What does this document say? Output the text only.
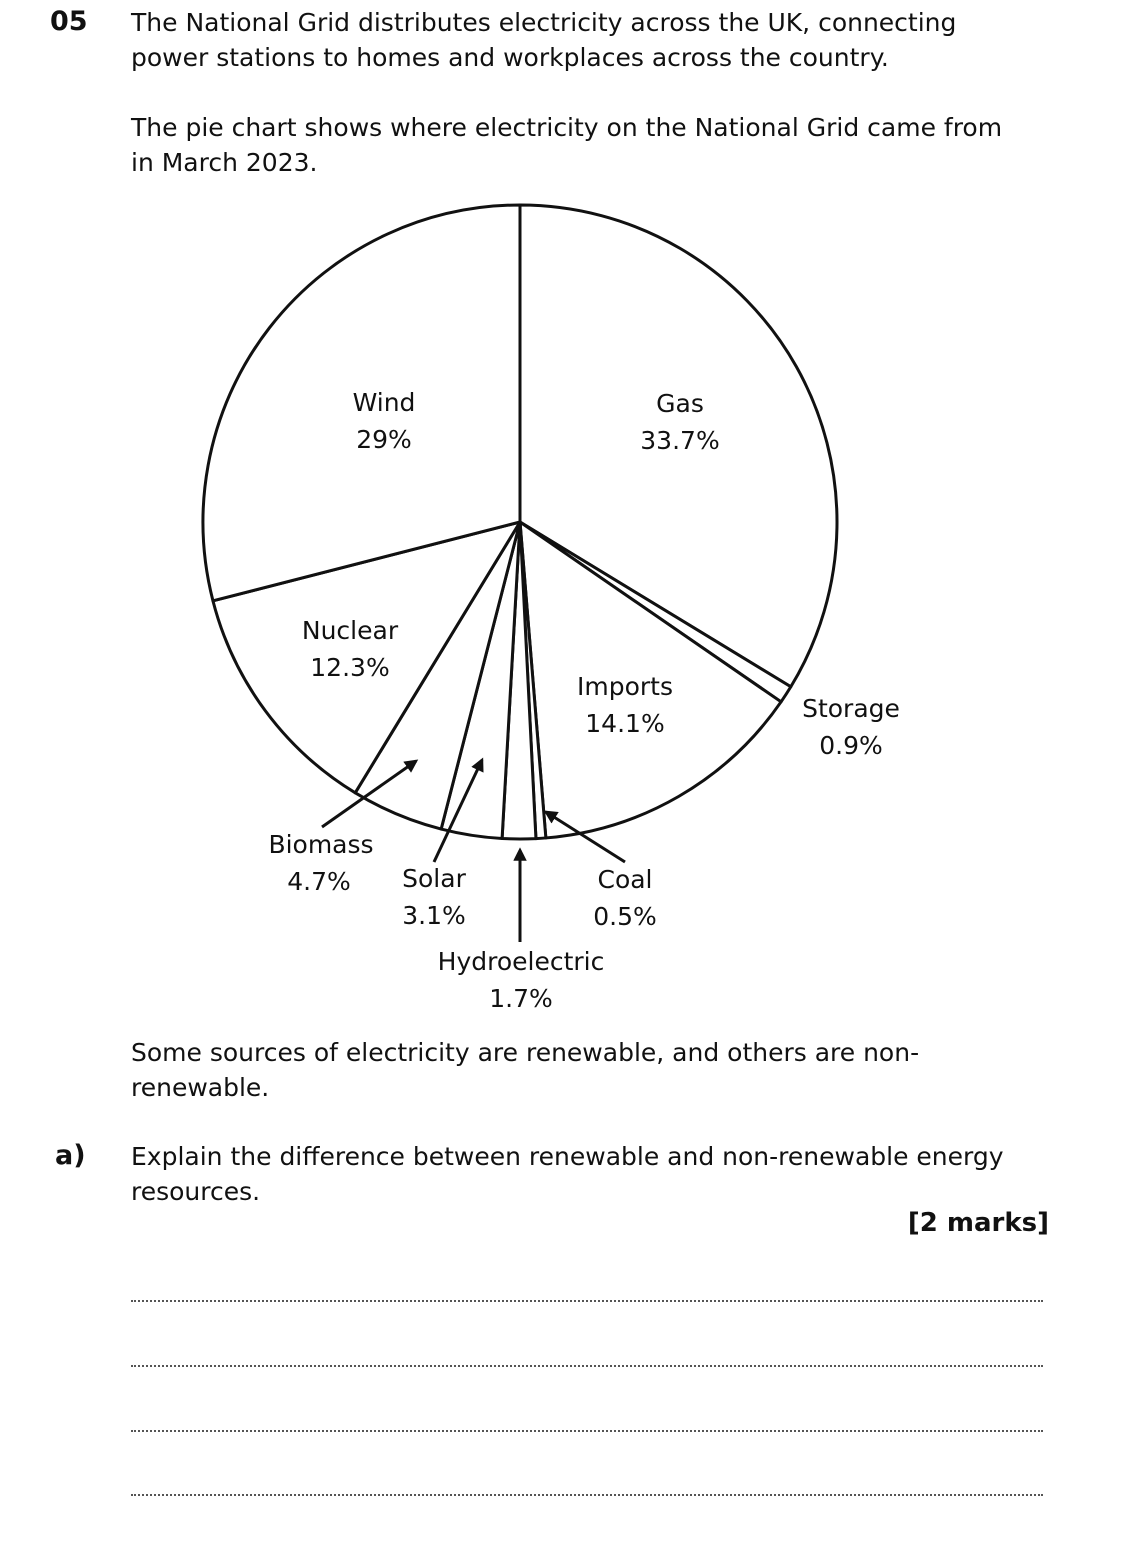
05 The National Grid distributes electricity across the UK, connecting power stations to homes and workplaces across the country.
The pie chart shows where electricity on the National Grid came from in March 2023.
Gas
33.7%
Storage
0.9%
Imports
14.1%
Coal
0.5%
Hydroelectric
1.7%
Solar
3.1%
Biomass
4.7%
Nuclear
12.3%
Wind
29%
Some sources of electricity are renewable, and others are non-renewable.
a) Explain the difference between renewable and non-renewable energy resources.
[2 marks]
